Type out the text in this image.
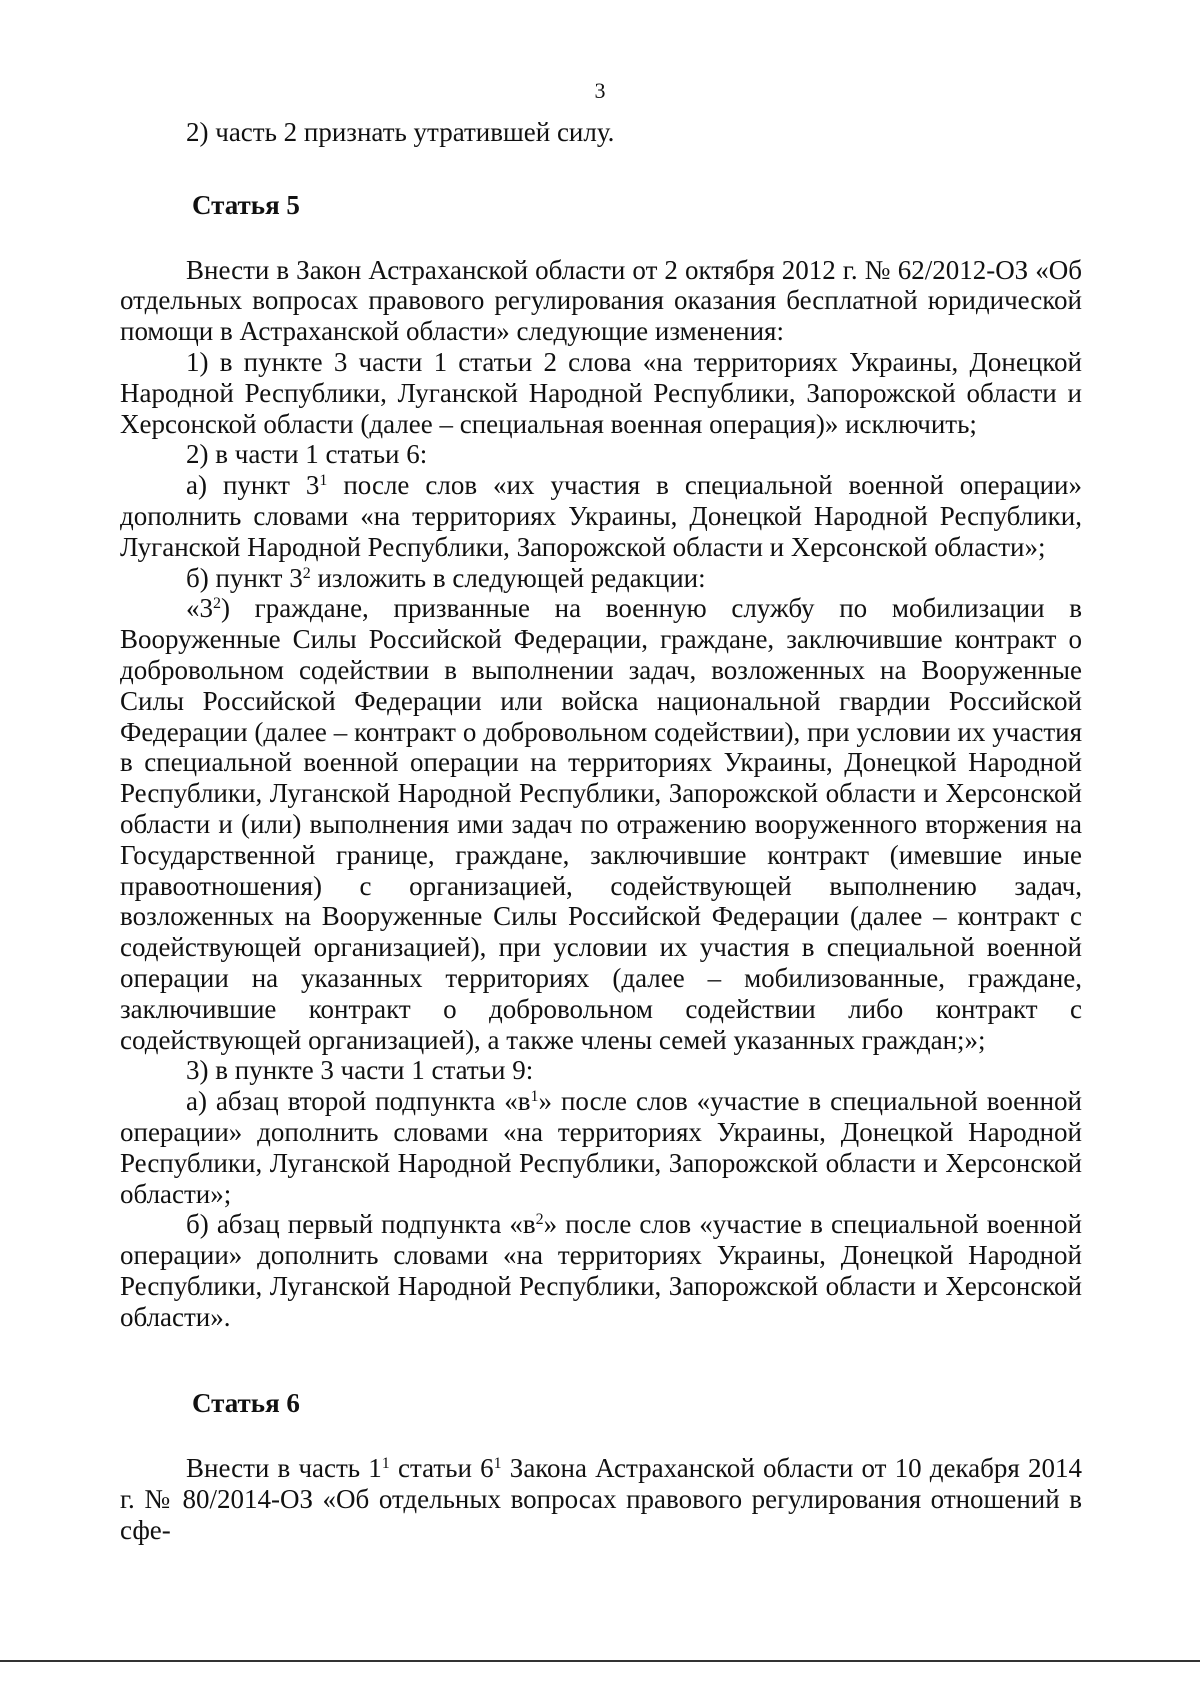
3

2) часть 2 признать утратившей силу.

Статья 5

Внести в Закон Астраханской области от 2 октября 2012 г. № 62/2012-ОЗ «Об отдельных вопросах правового регулирования оказания бесплатной юридической помощи в Астраханской области» следующие изменения:

1) в пункте 3 части 1 статьи 2 слова «на территориях Украины, Донецкой Народной Республики, Луганской Народной Республики, Запорожской области и Херсонской области (далее – специальная военная операция)» исключить;

2) в части 1 статьи 6:

а) пункт $3^1$ после слов «их участия в специальной военной операции» дополнить словами «на территориях Украины, Донецкой Народной Республики, Луганской Народной Республики, Запорожской области и Херсонской области»;

б) пункт $3^2$ изложить в следующей редакции:

«$3^2$) граждане, призванные на военную службу по мобилизации в Вооруженные Силы Российской Федерации, граждане, заключившие контракт о добровольном содействии в выполнении задач, возложенных на Вооруженные Силы Российской Федерации или войска национальной гвардии Российской Федерации (далее – контракт о добровольном содействии), при условии их участия в специальной военной операции на территориях Украины, Донецкой Народной Республики, Луганской Народной Республики, Запорожской области и Херсонской области и (или) выполнения ими задач по отражению вооруженного вторжения на Государственной границе, граждане, заключившие контракт (имевшие иные правоотношения) с организацией, содействующей выполнению задач, возложенных на Вооруженные Силы Российской Федерации (далее – контракт с содействующей организацией), при условии их участия в специальной военной операции на указанных территориях (далее – мобилизованные, граждане, заключившие контракт о добровольном содействии либо контракт с содействующей организацией), а также члены семей указанных граждан;»;

3) в пункте 3 части 1 статьи 9:

а) абзац второй подпункта «$в^1$» после слов «участие в специальной военной операции» дополнить словами «на территориях Украины, Донецкой Народной Республики, Луганской Народной Республики, Запорожской области и Херсонской области»;

б) абзац первый подпункта «$в^2$» после слов «участие в специальной военной операции» дополнить словами «на территориях Украины, Донецкой Народной Республики, Луганской Народной Республики, Запорожской области и Херсонской области».

Статья 6

Внести в часть $1^1$ статьи $6^1$ Закона Астраханской области от 10 декабря 2014 г. № 80/2014-ОЗ «Об отдельных вопросах правового регулирования отношений в сфе-
